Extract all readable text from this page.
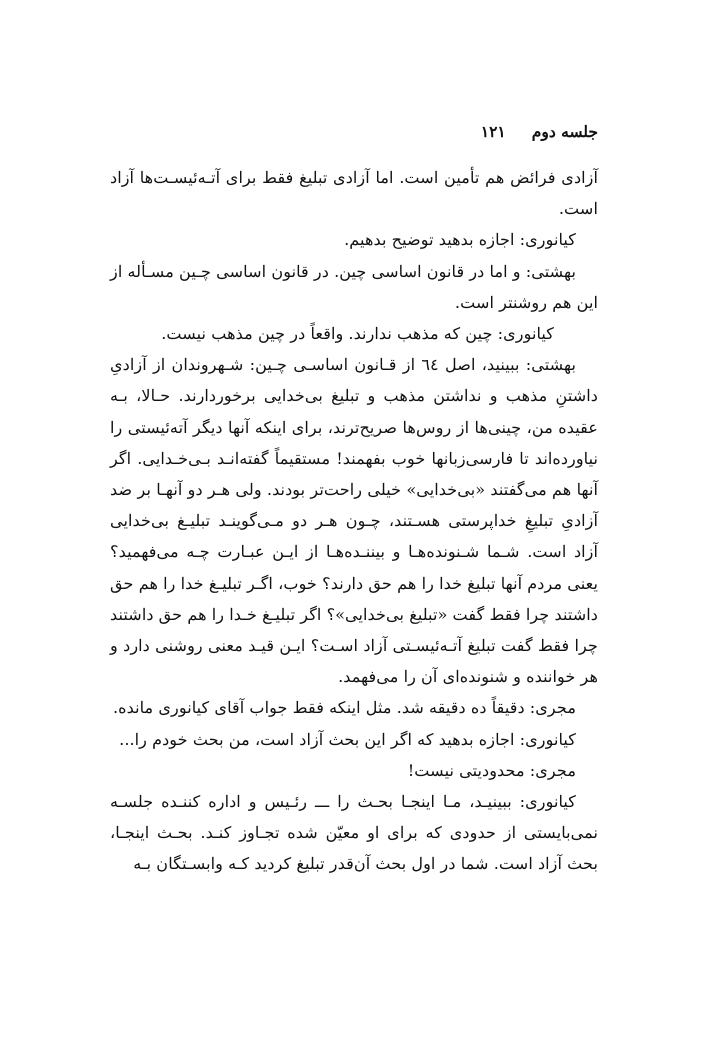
جلسه دوم۱۲۱

آزادی فرائض هم تأمین است. اما آزادی تبلیغ فقط برای آتـه‌ئیسـت‌ها آزاد است.

کیانوری: اجازه بدهید توضیح بدهیم.

بهشتی: و اما در قانون اساسی چین. در قانون اساسی چـین مسـأله از این هم روشنتر است.

کیانوری: چین که مذهب ندارند. واقعاً در چین مذهب نیست.

بهشتی: ببینید، اصل ٦٤ از قـانون اساسـی چـین: شـهروندان از آزادیِ داشتنِ مذهب و نداشتن مذهب و تبلیغ بی‌خدایی برخوردارند. حـالا، بـه عقیده من، چینی‌ها از روس‌ها صریح‌ترند، برای اینکه آنها دیگر آته‌ئیستی را نیاورده‌اند تا فارسی‌زبانها خوب بفهمند! مستقیماً گفته‌انـد بـی‌خـدایی. اگر آنها هم می‌گفتند «بی‌خدایی» خیلی راحت‌تر بودند. ولی هـر دو آنهـا بر ضد آزادیِ تبلیغِ خداپرستی هسـتند، چـون هـر دو مـی‌گوینـد تبلیـغ بی‌خدایی آزاد است. شـما شـنونده‌هـا و بیننـده‌هـا از ایـن عبـارت چـه می‌فهمید؟ یعنی مردم آنها تبلیغ خدا را هم حق دارند؟ خوب، اگـر تبلیـغ خدا را هم حق داشتند چرا فقط گفت «تبلیغ بی‌خدایی»؟ اگر تبلیـغ خـدا را هم حق داشتند چرا فقط گفت تبلیغ آتـه‌ئیسـتی آزاد اسـت؟ ایـن قیـد معنی روشنی دارد و هر خواننده و شنونده‌ای آن را می‌فهمد.

مجری: دقیقاً ده دقیقه شد. مثل اینکه فقط جواب آقای کیانوری مانده.

کیانوری: اجازه بدهید که اگر این بحث آزاد است، من بحث خودم را...

مجری: محدودیتی نیست!

کیانوری: ببینیـد، مـا اینجـا بحـث را ـــ رئـیس و اداره کننـده جلسـه نمی‌بایستی از حدودی که برای او معیّن شده تجـاوز کنـد. بحـث اینجـا، بحث آزاد است. شما در اول بحث آن‌قدر تبلیغ کردید کـه وابسـتگان بـه
